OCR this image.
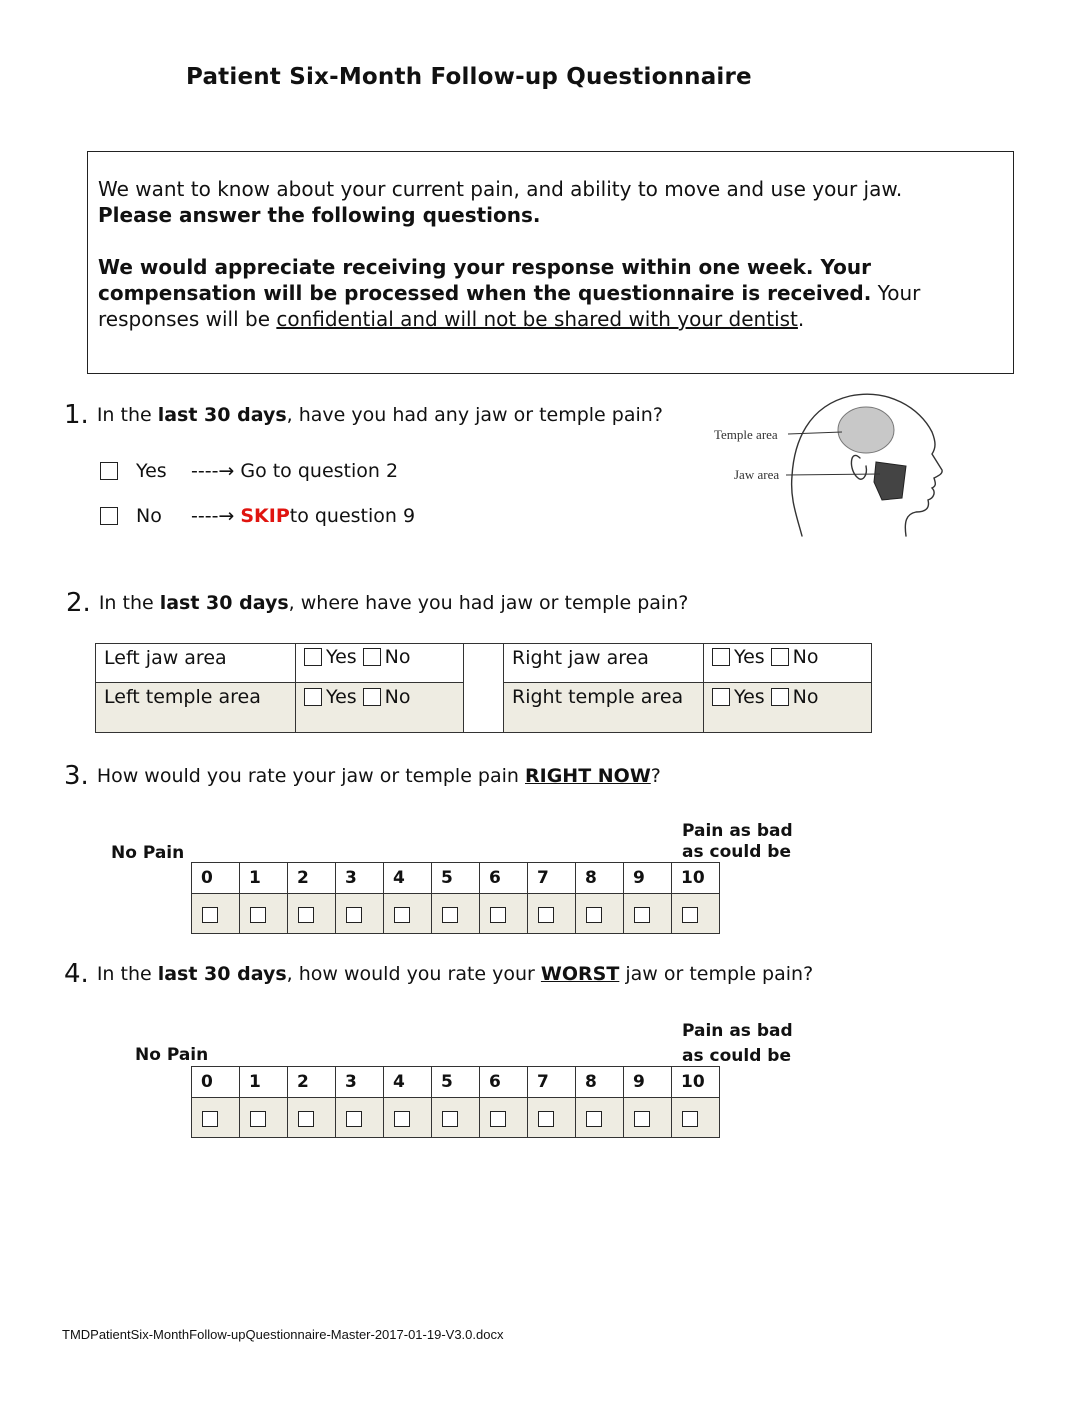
Patient Six-Month Follow-up Questionnaire

We want to know about your current pain, and ability to move and use your jaw.
Please answer the following questions.

We would appreciate receiving your response within one week. Your compensation will be processed when the questionnaire is received. Your responses will be confidential and will not be shared with your dentist.

1. In the last 30 days, have you had any jaw or temple pain?
Yes	----→ Go to question 2
No	----→ SKIP to question 9
Temple area
Jaw area
2. In the last 30 days, where have you had jaw or temple pain?
Left jaw area	Yes No		Right jaw area	Yes No
Left temple area	Yes No		Right temple area	Yes No
3. How would you rate your jaw or temple pain RIGHT NOW?
No Pain
Pain as bad
as could be
0	1	2	3	4	5	6	7	8	9	10

4. In the last 30 days, how would you rate your WORST jaw or temple pain?
No Pain
Pain as bad
as could be
0	1	2	3	4	5	6	7	8	9	10

TMDPatientSix-MonthFollow-upQuestionnaire-Master-2017-01-19-V3.0.docx
